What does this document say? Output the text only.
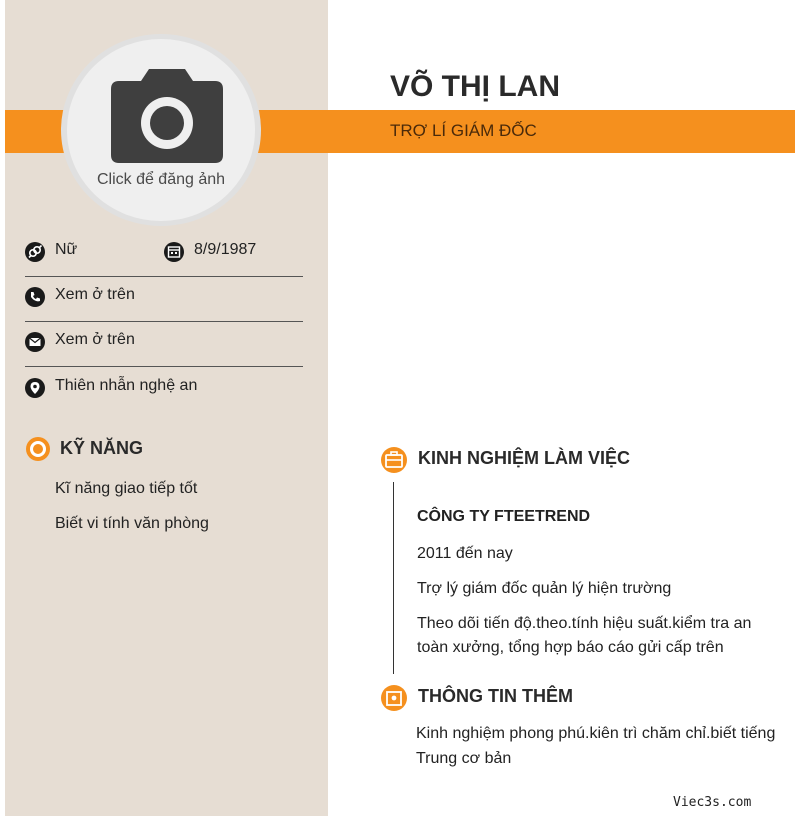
Click để đăng ảnh
VÕ THỊ LAN
TRỢ LÍ GIÁM ĐỐC
Nữ	8/9/1987
Xem ở trên
Xem ở trên
Thiên nhẫn nghệ an
KỸ NĂNG
Kĩ năng giao tiếp tốt
Biết vi tính văn phòng
KINH NGHIỆM LÀM VIỆC
CÔNG TY FTEETREND
2011 đến nay
Trợ lý giám đốc quản lý hiện trường
Theo dõi tiến độ.theo.tính hiệu suất.kiểm tra an toàn xưởng, tổng hợp báo cáo gửi cấp trên
THÔNG TIN THÊM
Kinh nghiệm phong phú.kiên trì chăm chỉ.biết tiếng Trung cơ bản
Viec3s.com
